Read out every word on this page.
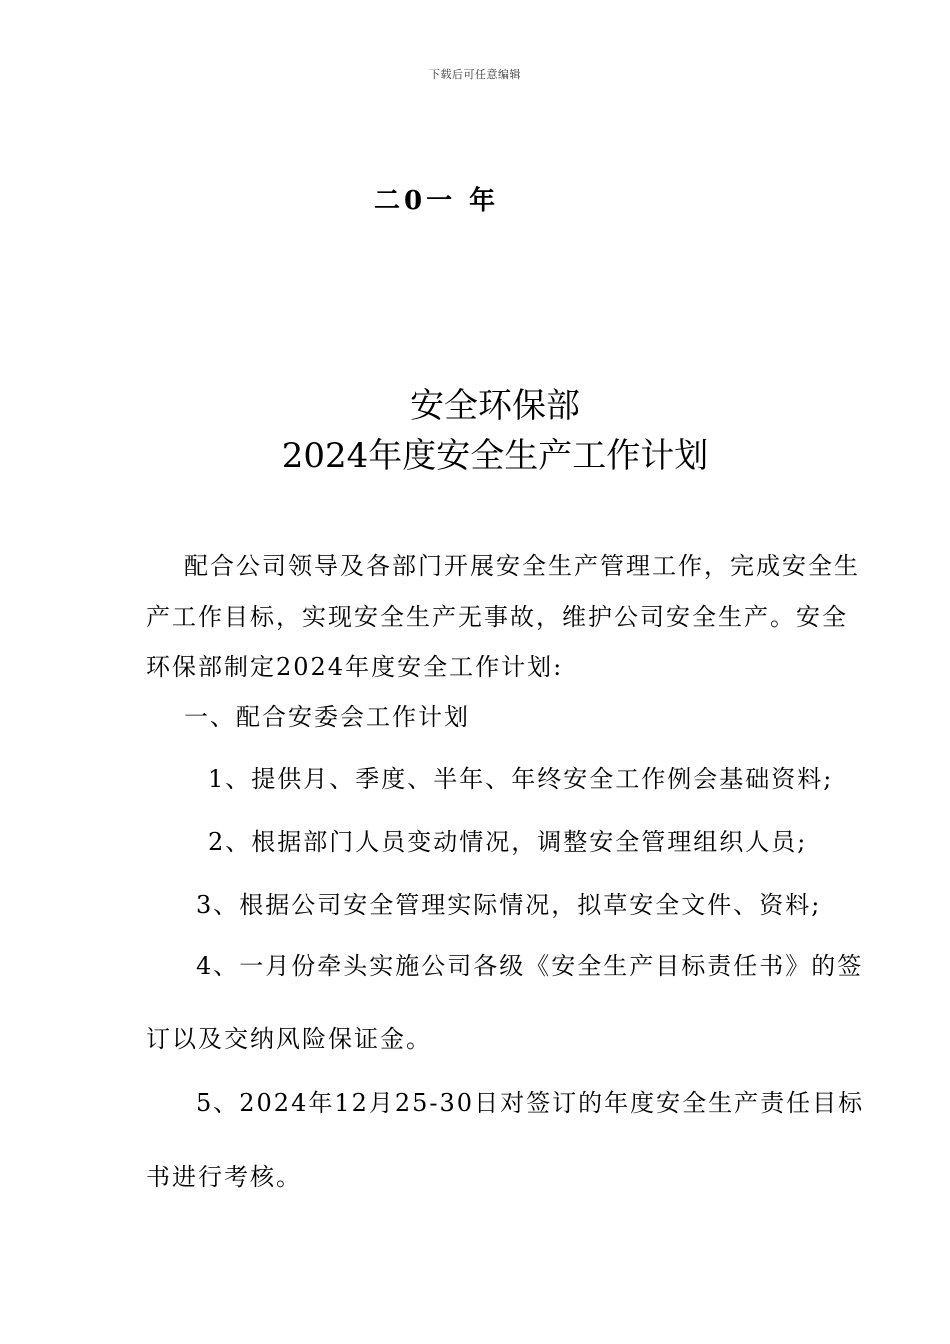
下载后可任意编辑
二0一 年
安全环保部
2024年度安全生产工作计划
配合公司领导及各部门开展安全生产管理工作，完成安全生
产工作目标，实现安全生产无事故，维护公司安全生产。安全
环保部制定2024年度安全工作计划:
一、配合安委会工作计划
1、提供月、季度、半年、年终安全工作例会基础资料;
2、根据部门人员变动情况，调整安全管理组织人员;
3、根据公司安全管理实际情况，拟草安全文件、资料;
4、一月份牵头实施公司各级《安全生产目标责任书》的签
订以及交纳风险保证金。
5、2024年12月25-30日对签订的年度安全生产责任目标
书进行考核。
